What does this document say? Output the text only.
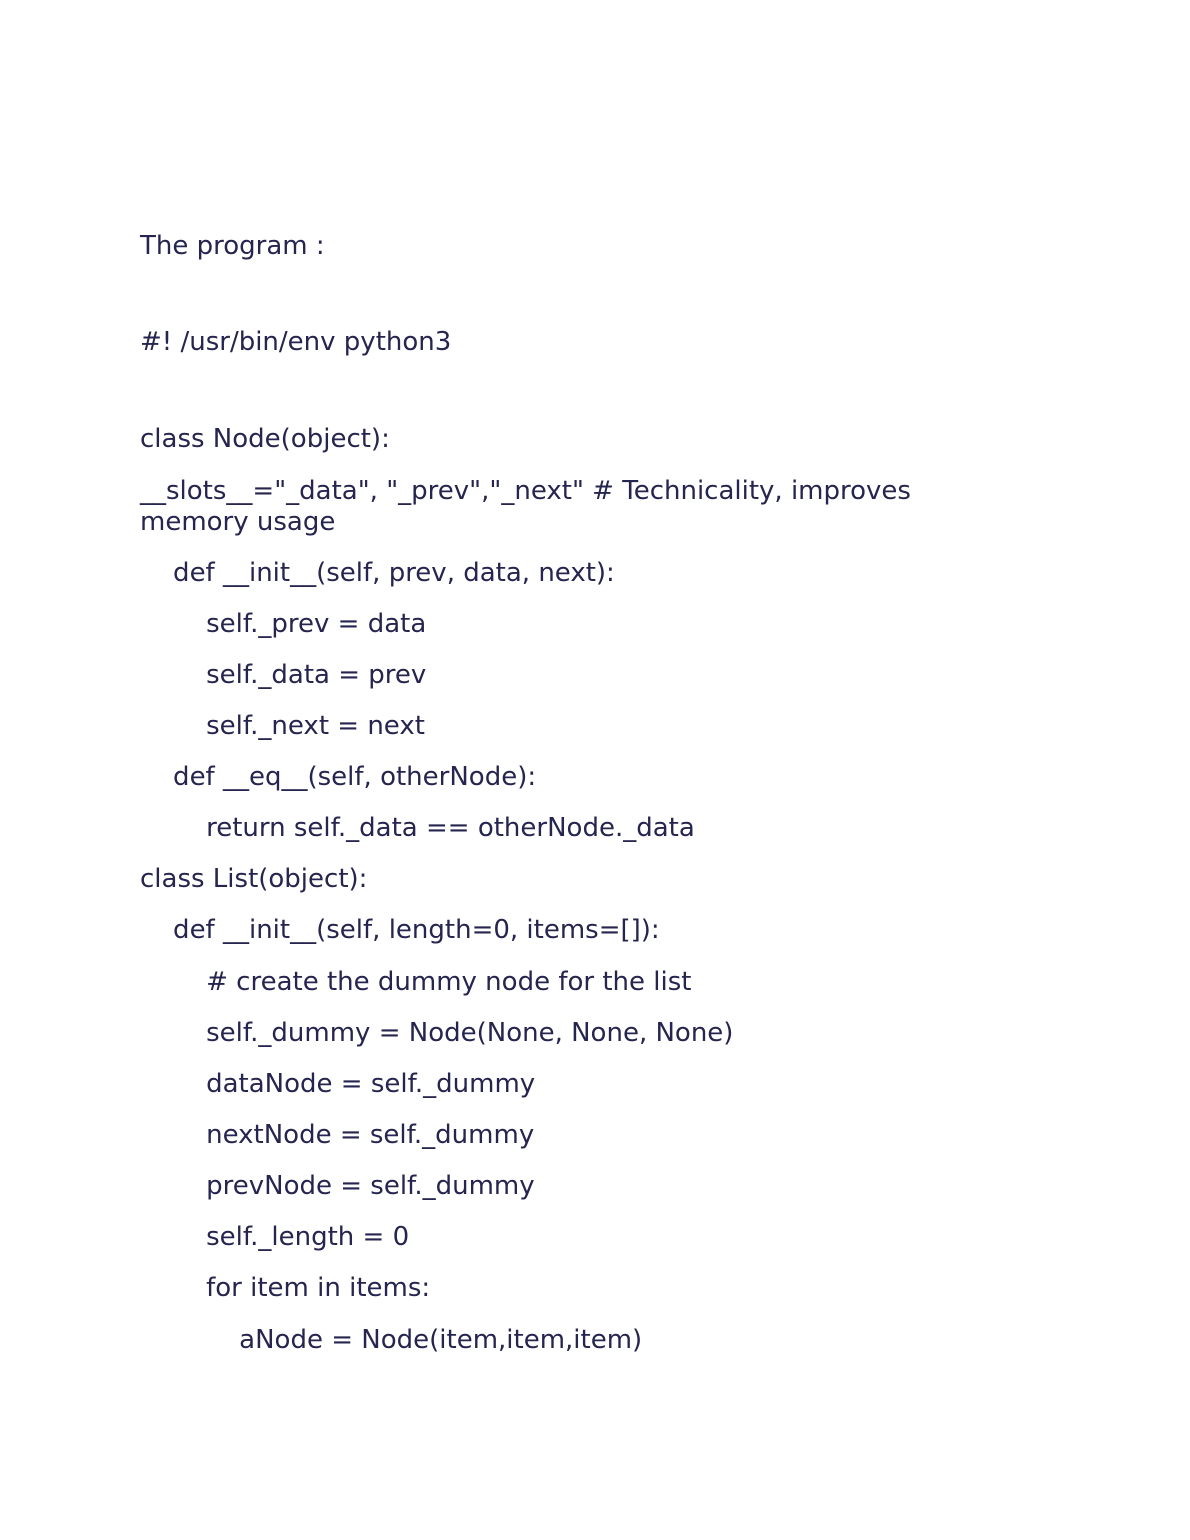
The program :
#! /usr/bin/env python3
class Node(object):
__slots__="_data", "_prev","_next" # Technicality, improves memory usage
def __init__(self, prev, data, next):
self._prev = data
self._data = prev
self._next = next
def __eq__(self, otherNode):
return self._data == otherNode._data
class List(object):
def __init__(self, length=0, items=[]):
# create the dummy node for the list
self._dummy = Node(None, None, None)
dataNode = self._dummy
nextNode = self._dummy
prevNode = self._dummy
self._length = 0
for item in items:
aNode = Node(item,item,item)
